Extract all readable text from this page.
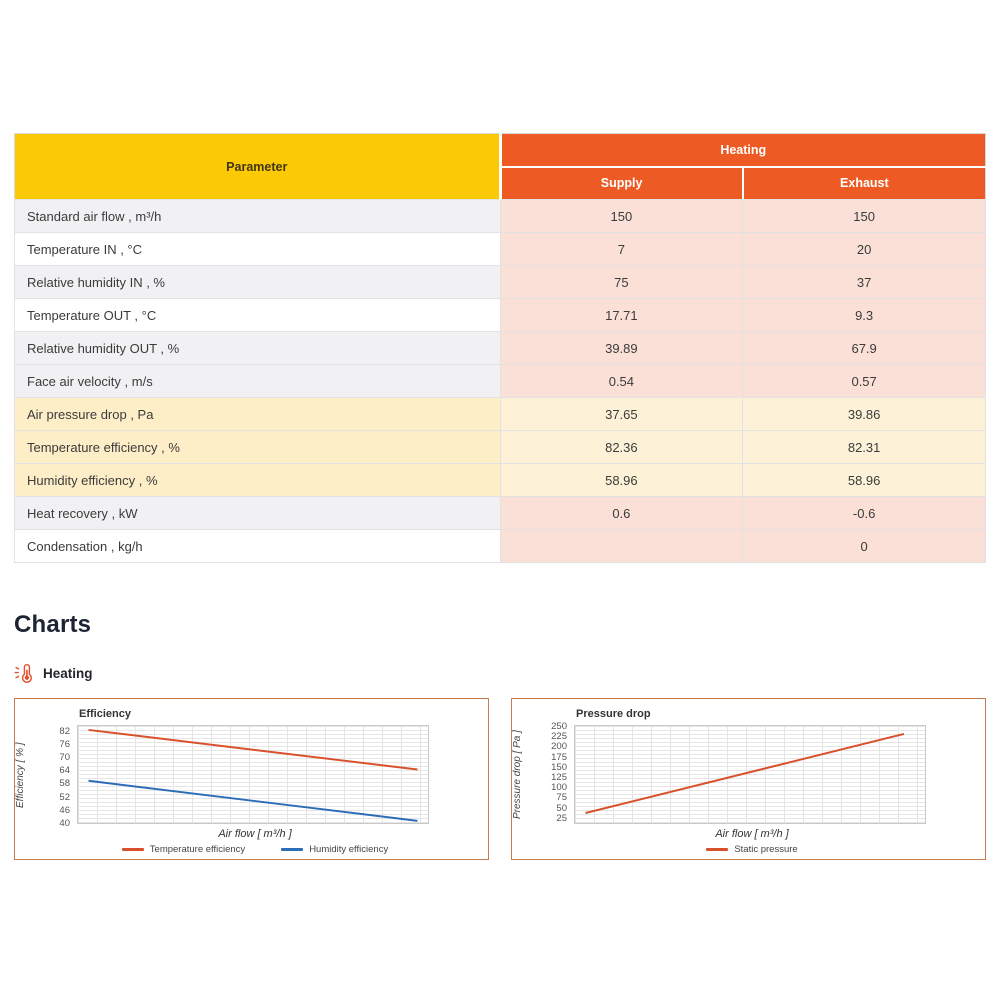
Parameter	Heating	
	Supply	Exhaust
Standard air flow , m³/h	150	150
Temperature IN , °C	7	20
Relative humidity IN , %	75	37
Temperature OUT , °C	17.71	9.3
Relative humidity OUT , %	39.89	67.9
Face air velocity , m/s	0.54	0.57
Air pressure drop , Pa	37.65	39.86
Temperature efficiency , %	82.36	82.31
Humidity efficiency , %	58.96	58.96
Heat recovery , kW	0.6	-0.6
Condensation , kg/h		0
Charts
Heating
Efficiency
Efficiency [ % ]
82
76
70
64
58
52
46
40
Air flow [ m³/h ]
Temperature efficiency	Humidity efficiency
Pressure drop
Pressure drop [ Pa ]
250
225
200
175
150
125
100
75
50
25
Air flow [ m³/h ]
Static pressure
